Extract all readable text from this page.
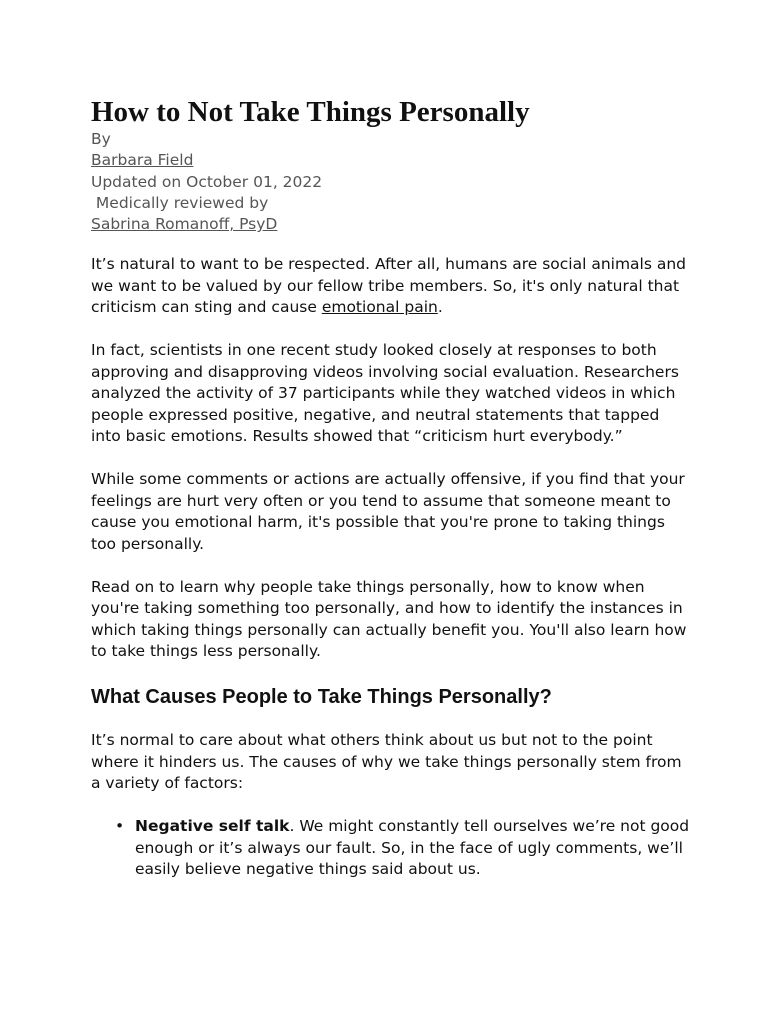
How to Not Take Things Personally
By
Barbara Field
Updated on October 01, 2022
Medically reviewed by
Sabrina Romanoff, PsyD

It’s natural to want to be respected. After all, humans are social animals and we want to be valued by our fellow tribe members. So, it's only natural that criticism can sting and cause emotional pain.

In fact, scientists in one recent study looked closely at responses to both approving and disapproving videos involving social evaluation. Researchers analyzed the activity of 37 participants while they watched videos in which people expressed positive, negative, and neutral statements that tapped into basic emotions. Results showed that “criticism hurt everybody.”

While some comments or actions are actually offensive, if you find that your feelings are hurt very often or you tend to assume that someone meant to cause you emotional harm, it's possible that you're prone to taking things too personally.

Read on to learn why people take things personally, how to know when you're taking something too personally, and how to identify the instances in which taking things personally can actually benefit you. You'll also learn how to take things less personally.

What Causes People to Take Things Personally?

It’s normal to care about what others think about us but not to the point where it hinders us. The causes of why we take things personally stem from a variety of factors:

• Negative self talk. We might constantly tell ourselves we’re not good enough or it’s always our fault. So, in the face of ugly comments, we’ll easily believe negative things said about us.
